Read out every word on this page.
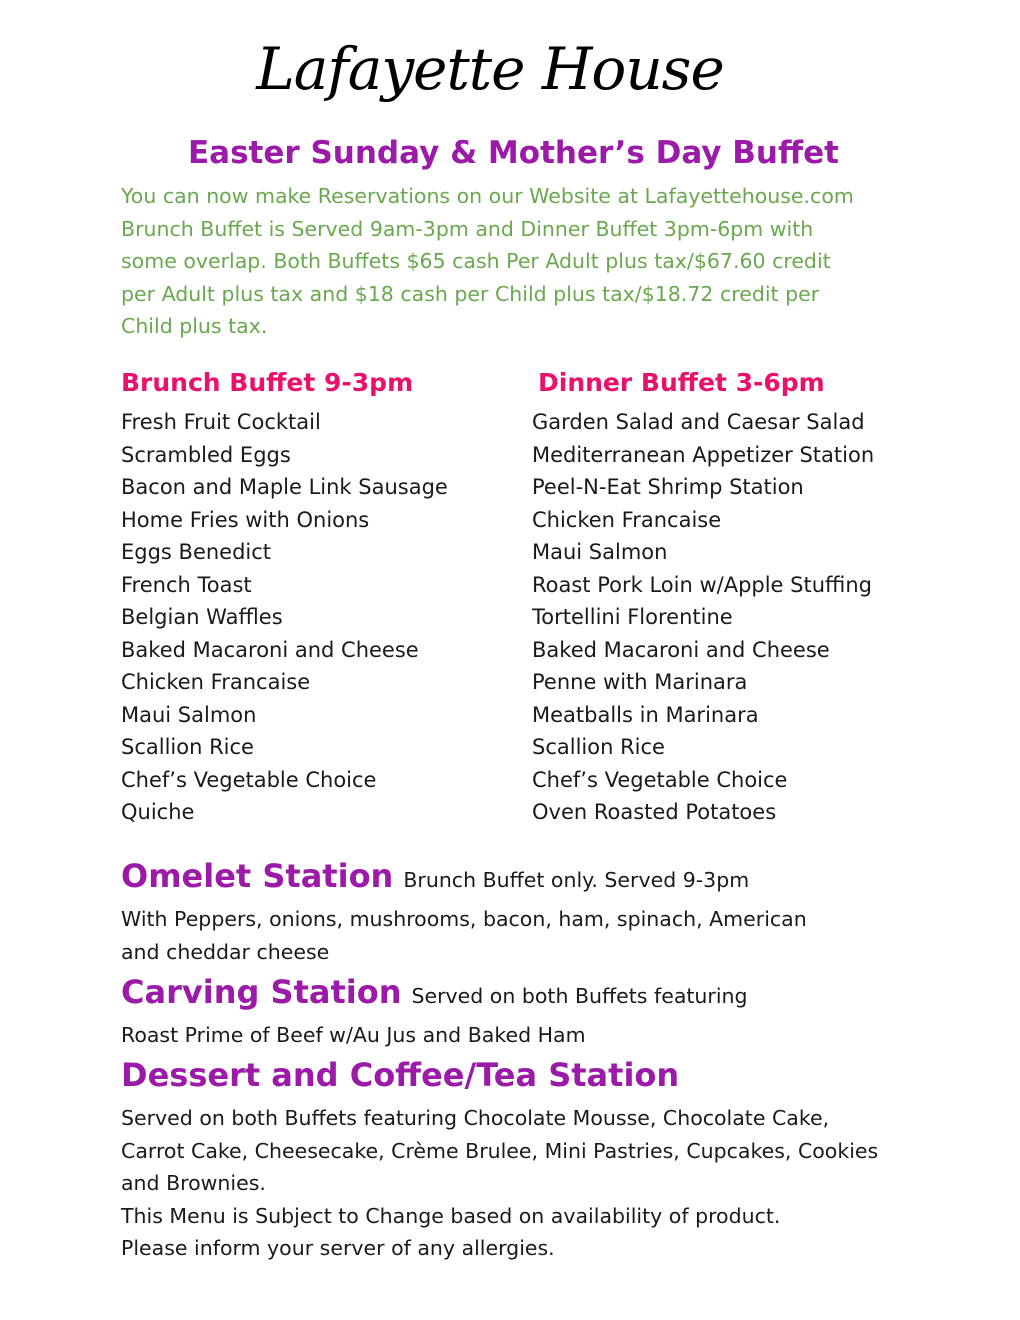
Lafayette House
Easter Sunday & Mother’s Day Buffet
You can now make Reservations on our Website at Lafayettehouse.com
Brunch Buffet is Served 9am-3pm and Dinner Buffet 3pm-6pm with
some overlap. Both Buffets $65 cash Per Adult plus tax/$67.60 credit
per Adult plus tax and $18 cash per Child plus tax/$18.72 credit per
Child plus tax.
Brunch Buffet 9-3pm	Dinner Buffet 3-6pm
Fresh Fruit Cocktail
Scrambled Eggs
Bacon and Maple Link Sausage
Home Fries with Onions
Eggs Benedict
French Toast
Belgian Waffles
Baked Macaroni and Cheese
Chicken Francaise
Maui Salmon
Scallion Rice
Chef’s Vegetable Choice
Quiche
Garden Salad and Caesar Salad
Mediterranean Appetizer Station
Peel-N-Eat Shrimp Station
Chicken Francaise
Maui Salmon
Roast Pork Loin w/Apple Stuffing
Tortellini Florentine
Baked Macaroni and Cheese
Penne with Marinara
Meatballs in Marinara
Scallion Rice
Chef’s Vegetable Choice
Oven Roasted Potatoes
Omelet Station Brunch Buffet only. Served 9-3pm
With Peppers, onions, mushrooms, bacon, ham, spinach, American
and cheddar cheese
Carving Station Served on both Buffets featuring
Roast Prime of Beef w/Au Jus and Baked Ham
Dessert and Coffee/Tea Station
Served on both Buffets featuring Chocolate Mousse, Chocolate Cake,
Carrot Cake, Cheesecake, Crème Brulee, Mini Pastries, Cupcakes, Cookies
and Brownies.
This Menu is Subject to Change based on availability of product.
Please inform your server of any allergies.
